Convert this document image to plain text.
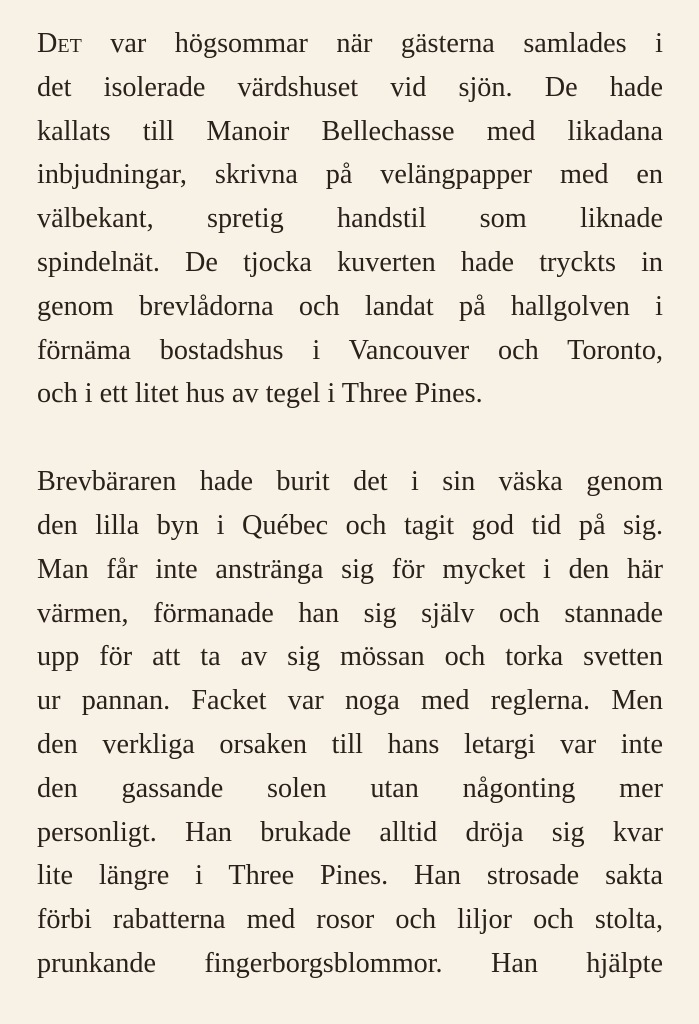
Det var högsommar när gästerna samlades i
det isolerade värdshuset vid sjön. De hade
kallats till Manoir Bellechasse med likadana
inbjudningar, skrivna på velängpapper med en
välbekant, spretig handstil som liknade
spindelnät. De tjocka kuverten hade tryckts in
genom brevlådorna och landat på hallgolven i
förnäma bostadshus i Vancouver och Toronto,
och i ett litet hus av tegel i Three Pines.

Brevbäraren hade burit det i sin väska genom
den lilla byn i Québec och tagit god tid på sig.
Man får inte anstränga sig för mycket i den här
värmen, förmanade han sig själv och stannade
upp för att ta av sig mössan och torka svetten
ur pannan. Facket var noga med reglerna. Men
den verkliga orsaken till hans letargi var inte
den gassande solen utan någonting mer
personligt. Han brukade alltid dröja sig kvar
lite längre i Three Pines. Han strosade sakta
förbi rabatterna med rosor och liljor och stolta,
prunkande fingerborgsblommor. Han hjälpte
